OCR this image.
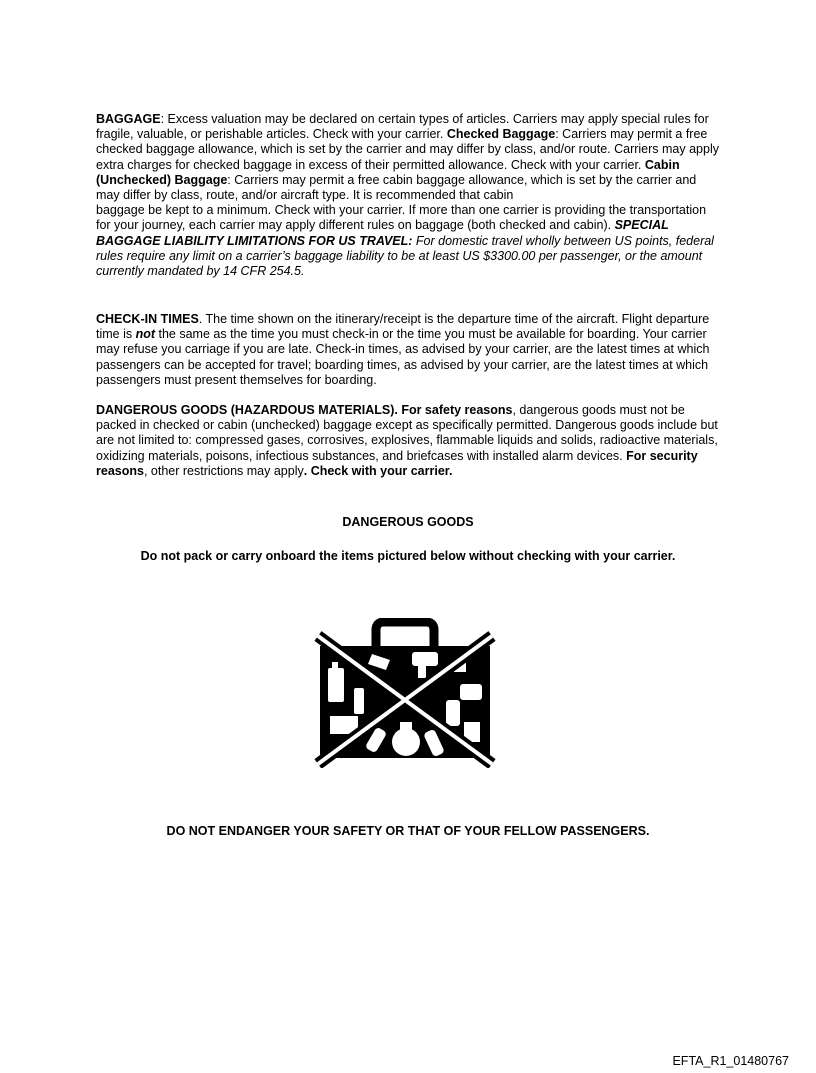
BAGGAGE: Excess valuation may be declared on certain types of articles. Carriers may apply special rules for fragile, valuable, or perishable articles. Check with your carrier. Checked Baggage: Carriers may permit a free checked baggage allowance, which is set by the carrier and may differ by class, and/or route. Carriers may apply extra charges for checked baggage in excess of their permitted allowance. Check with your carrier. Cabin (Unchecked) Baggage: Carriers may permit a free cabin baggage allowance, which is set by the carrier and may differ by class, route, and/or aircraft type. It is recommended that cabin

baggage be kept to a minimum. Check with your carrier. If more than one carrier is providing the transportation for your journey, each carrier may apply different rules on baggage (both checked and cabin). SPECIAL BAGGAGE LIABILITY LIMITATIONS FOR US TRAVEL: For domestic travel wholly between US points, federal rules require any limit on a carrier’s baggage liability to be at least US $3300.00 per passenger, or the amount currently mandated by 14 CFR 254.5.

CHECK-IN TIMES. The time shown on the itinerary/receipt is the departure time of the aircraft. Flight departure time is not the same as the time you must check-in or the time you must be available for boarding. Your carrier may refuse you carriage if you are late. Check-in times, as advised by your carrier, are the latest times at which passengers can be accepted for travel; boarding times, as advised by your carrier, are the latest times at which passengers must present themselves for boarding.

DANGEROUS GOODS (HAZARDOUS MATERIALS). For safety reasons, dangerous goods must not be packed in checked or cabin (unchecked) baggage except as specifically permitted. Dangerous goods include but are not limited to: compressed gases, corrosives, explosives, flammable liquids and solids, radioactive materials, oxidizing materials, poisons, infectious substances, and briefcases with installed alarm devices. For security reasons, other restrictions may apply. Check with your carrier.

DANGEROUS GOODS
Do not pack or carry onboard the items pictured below without checking with your carrier.
DO NOT ENDANGER YOUR SAFETY OR THAT OF YOUR FELLOW PASSENGERS.
EFTA_R1_01480767
